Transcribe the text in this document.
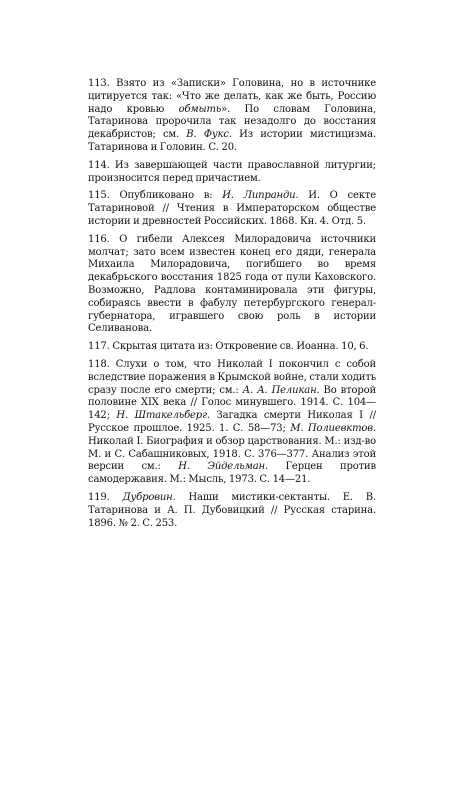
113. Взято из «Записки» Головина, но в источнике цитируется так: «Что же делать, как же быть, Россию надо кровью обмыть». По словам Головина, Татаринова пророчила так незадолго до восстания декабристов; см. В. Фукс. Из истории мистицизма. Татаринова и Головин. С. 20.

114. Из завершающей части православной литургии; произносится перед причастием.

115. Опубликовано в: И. Липранди. И. О секте Татариновой // Чтения в Императорском обществе истории и древностей Российских. 1868. Кн. 4. Отд. 5.

116. О гибели Алексея Милорадовича источники молчат; зато всем известен конец его дяди, генерала Михаила Милорадовича, погибшего во время декабрьского восстания 1825 года от пули Каховского. Возможно, Радлова контаминировала эти фигуры, собираясь ввести в фабулу петербургского генерал-губернатора, игравшего свою роль в истории Селиванова.

117. Скрытая цитата из: Откровение св. Иоанна. 10, 6.

118. Слухи о том, что Николай I покончил с собой вследствие поражения в Крымской войне, стали ходить сразу после его смерти; см.: А. А. Пеликан. Во второй половине XIX века // Голос минувшего. 1914. С. 104—142; Н. Штакельберг. Загадка смерти Николая I // Русское прошлое. 1925. 1. С. 58—73; М. Полиевктов. Николай I. Биография и обзор царствования. М.: изд-во М. и С. Сабашниковых, 1918. С. 376—377. Анализ этой версии см.: Н. Эйдельман. Герцен против самодержавия. М.: Мысль, 1973. С. 14—21.

119. Дубровин. Наши мистики-сектанты. Е. В. Татаринова и А. П. Дубовицкий // Русская старина. 1896. № 2. С. 253.
